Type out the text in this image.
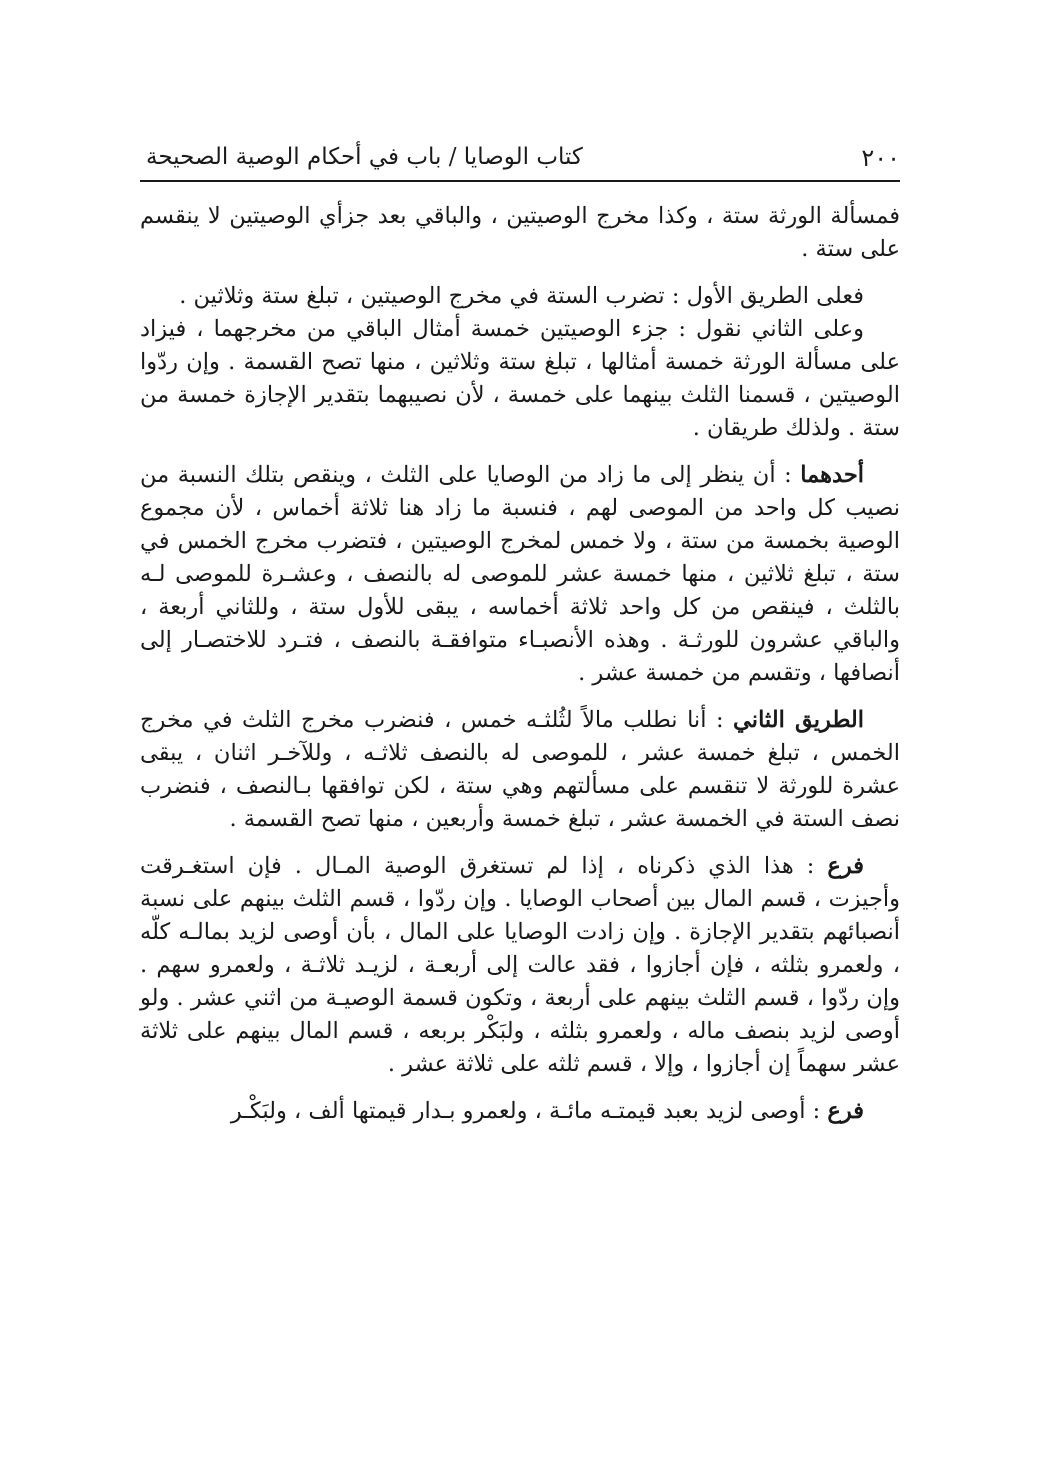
٢٠٠
كتاب الوصايا / باب في أحكام الوصية الصحيحة

فمسألة الورثة ستة ، وكذا مخرج الوصيتين ، والباقي بعد جزأي الوصيتين لا ينقسم على ستة .

فعلى الطريق الأول : تضرب الستة في مخرج الوصيتين ، تبلغ ستة وثلاثين .

وعلى الثاني نقول : جزء الوصيتين خمسة أمثال الباقي من مخرجهما ، فيزاد على مسألة الورثة خمسة أمثالها ، تبلغ ستة وثلاثين ، منها تصح القسمة . وإن ردّوا الوصيتين ، قسمنا الثلث بينهما على خمسة ، لأن نصيبهما بتقدير الإجازة خمسة من ستة . ولذلك طريقان .

أحدهما : أن ينظر إلى ما زاد من الوصايا على الثلث ، وينقص بتلك النسبة من نصيب كل واحد من الموصى لهم ، فنسبة ما زاد هنا ثلاثة أخماس ، لأن مجموع الوصية بخمسة من ستة ، ولا خمس لمخرج الوصيتين ، فتضرب مخرج الخمس في ستة ، تبلغ ثلاثين ، منها خمسة عشر للموصى له بالنصف ، وعشـرة للموصى لـه بالثلث ، فينقص من كل واحد ثلاثة أخماسه ، يبقى للأول ستة ، وللثاني أربعة ، والباقي عشرون للورثـة . وهذه الأنصبـاء متوافقـة بالنصف ، فتـرد للاختصـار إلى أنصافها ، وتقسم من خمسة عشر .

الطريق الثاني : أنا نطلب مالاً لثُلثـه خمس ، فنضرب مخرج الثلث في مخرج الخمس ، تبلغ خمسة عشر ، للموصى له بالنصف ثلاثـه ، وللآخـر اثنان ، يبقى عشرة للورثة لا تنقسم على مسألتهم وهي ستة ، لكن توافقها بـالنصف ، فنضرب نصف الستة في الخمسة عشر ، تبلغ خمسة وأربعين ، منها تصح القسمة .

فرع : هذا الذي ذكرناه ، إذا لم تستغرق الوصية المـال . فإن استغـرقت وأجيزت ، قسم المال بين أصحاب الوصايا . وإن ردّوا ، قسم الثلث بينهم على نسبة أنصبائهم بتقدير الإجازة . وإن زادت الوصايا على المال ، بأن أوصى لزيد بمالـه كلّه ، ولعمرو بثلثه ، فإن أجازوا ، فقد عالت إلى أربعـة ، لزيـد ثلاثـة ، ولعمرو سهم . وإن ردّوا ، قسم الثلث بينهم على أربعة ، وتكون قسمة الوصيـة من اثني عشر . ولو أوصى لزيد بنصف ماله ، ولعمرو بثلثه ، ولبَكْر بربعه ، قسم المال بينهم على ثلاثة عشر سهماً إن أجازوا ، وإلا ، قسم ثلثه على ثلاثة عشر .

فرع : أوصى لزيد بعبد قيمتـه مائـة ، ولعمرو بـدار قيمتها ألف ، ولبَكْـر
